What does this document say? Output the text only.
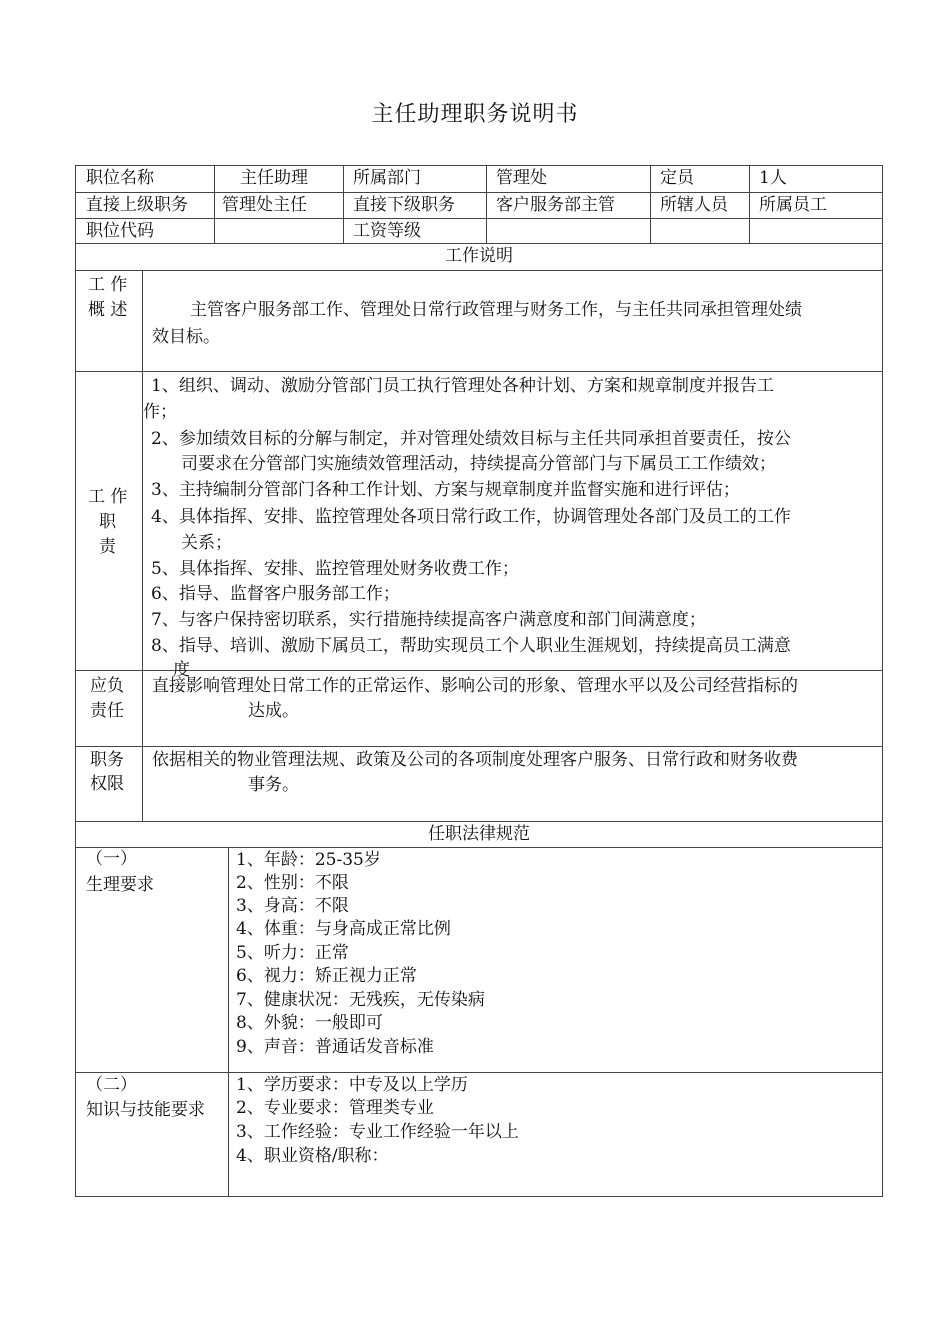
主任助理职务说明书
职位名称	主任助理	所属部门	管理处	定员	1人
直接上级职务 管理处主任	直接下级职务 客户服务部主管	所辖人员 所属员工
职位代码	工资等级
工作说明
工 作
概 述	主管客户服务部工作、管理处日常行政管理与财务工作，与主任共同承担管理处绩
效目标。
工 作
职
责
1、组织、调动、激励分管部门员工执行管理处各种计划、方案和规章制度并报告工
作；
2、参加绩效目标的分解与制定，并对管理处绩效目标与主任共同承担首要责任，按公
司要求在分管部门实施绩效管理活动，持续提高分管部门与下属员工工作绩效；
3、主持编制分管部门各种工作计划、方案与规章制度并监督实施和进行评估；
4、具体指挥、安排、监控管理处各项日常行政工作，协调管理处各部门及员工的工作
关系；
5、具体指挥、安排、监控管理处财务收费工作；
6、指导、监督客户服务部工作；
7、与客户保持密切联系，实行措施持续提高客户满意度和部门间满意度；
8、指导、培训、激励下属员工，帮助实现员工个人职业生涯规划，持续提高员工满意
度
应负
责任
直接影响管理处日常工作的正常运作、影响公司的形象、管理水平以及公司经营指标的
达成。
职务
权限
依据相关的物业管理法规、政策及公司的各项制度处理客户服务、日常行政和财务收费
事务。
任职法律规范
（一）
生理要求
1、年龄：25-35岁
2、性别：不限
3、身高：不限
4、体重：与身高成正常比例
5、听力：正常
6、视力：矫正视力正常
7、健康状况：无残疾，无传染病
8、外貌：一般即可
9、声音：普通话发音标准
（二）
知识与技能要求
1、学历要求：中专及以上学历
2、专业要求：管理类专业
3、工作经验：专业工作经验一年以上
4、职业资格/职称：
